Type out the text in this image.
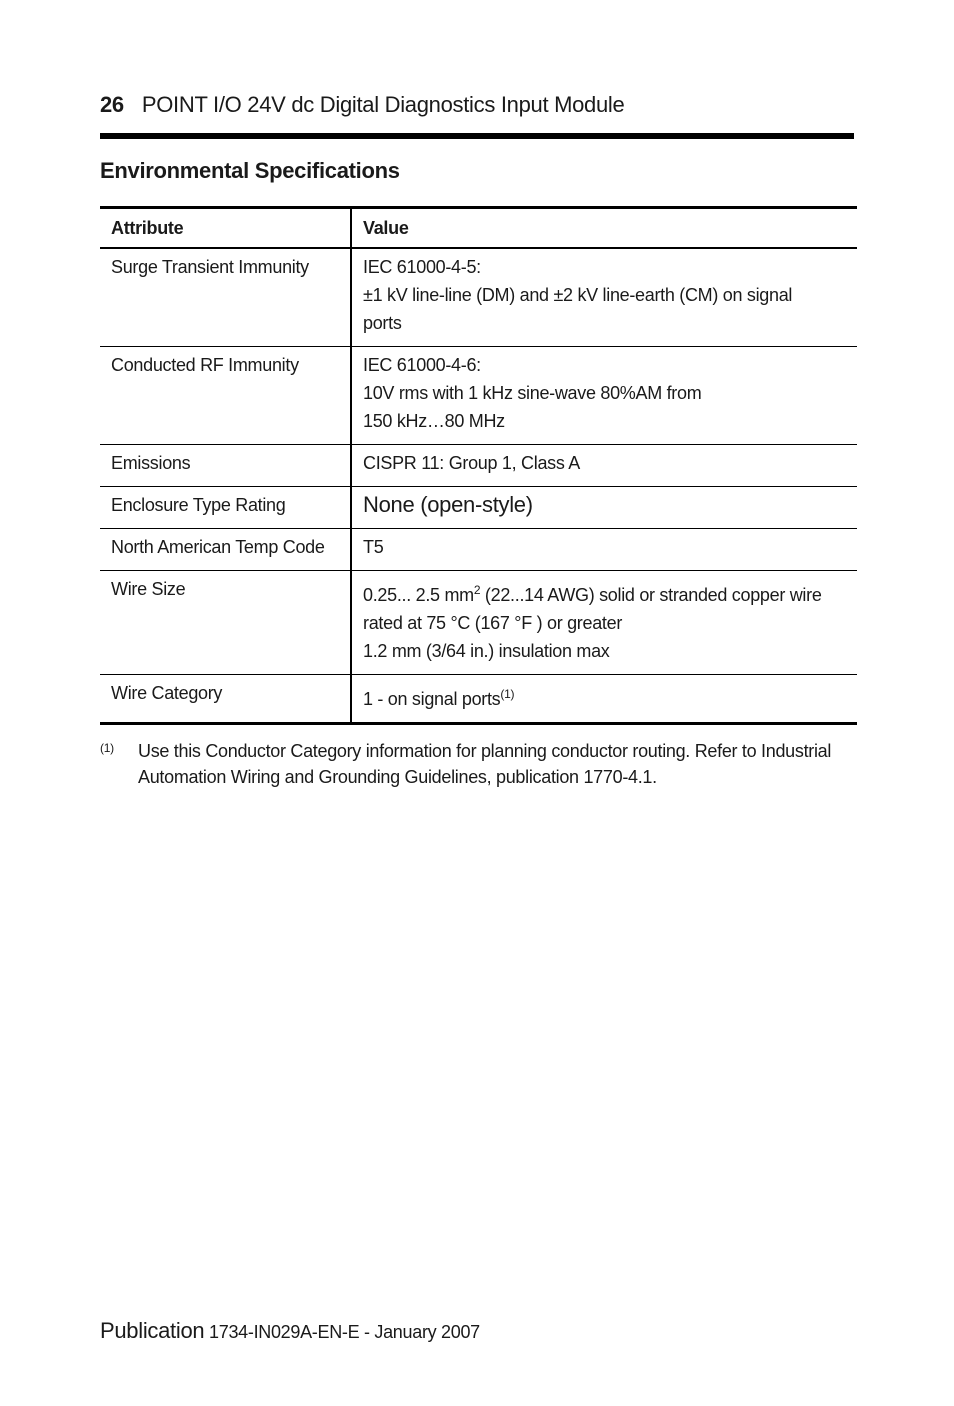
26 POINT I/O 24V dc Digital Diagnostics Input Module
Environmental Specifications
Attribute	Value
Surge Transient Immunity	IEC 61000-4-5:
±1 kV line-line (DM) and ±2 kV line-earth (CM) on signal
ports

Conducted RF Immunity	IEC 61000-4-6:
10V rms with 1 kHz sine-wave 80%AM from
150 kHz…80 MHz

Emissions	CISPR 11: Group 1, Class A

Enclosure Type Rating	None (open-style)

North American Temp Code	T5

Wire Size	0.25... 2.5 $mm^2$ (22...14 AWG) solid or stranded copper wire
rated at 75 °C (167 °F ) or greater
1.2 mm (3/64 in.) insulation max

Wire Category	1 - on signal ports$^{(1)}$
(1) Use this Conductor Category information for planning conductor routing. Refer to Industrial Automation Wiring and Grounding Guidelines, publication 1770-4.1.
Publication 1734-IN029A-EN-E - January 2007
